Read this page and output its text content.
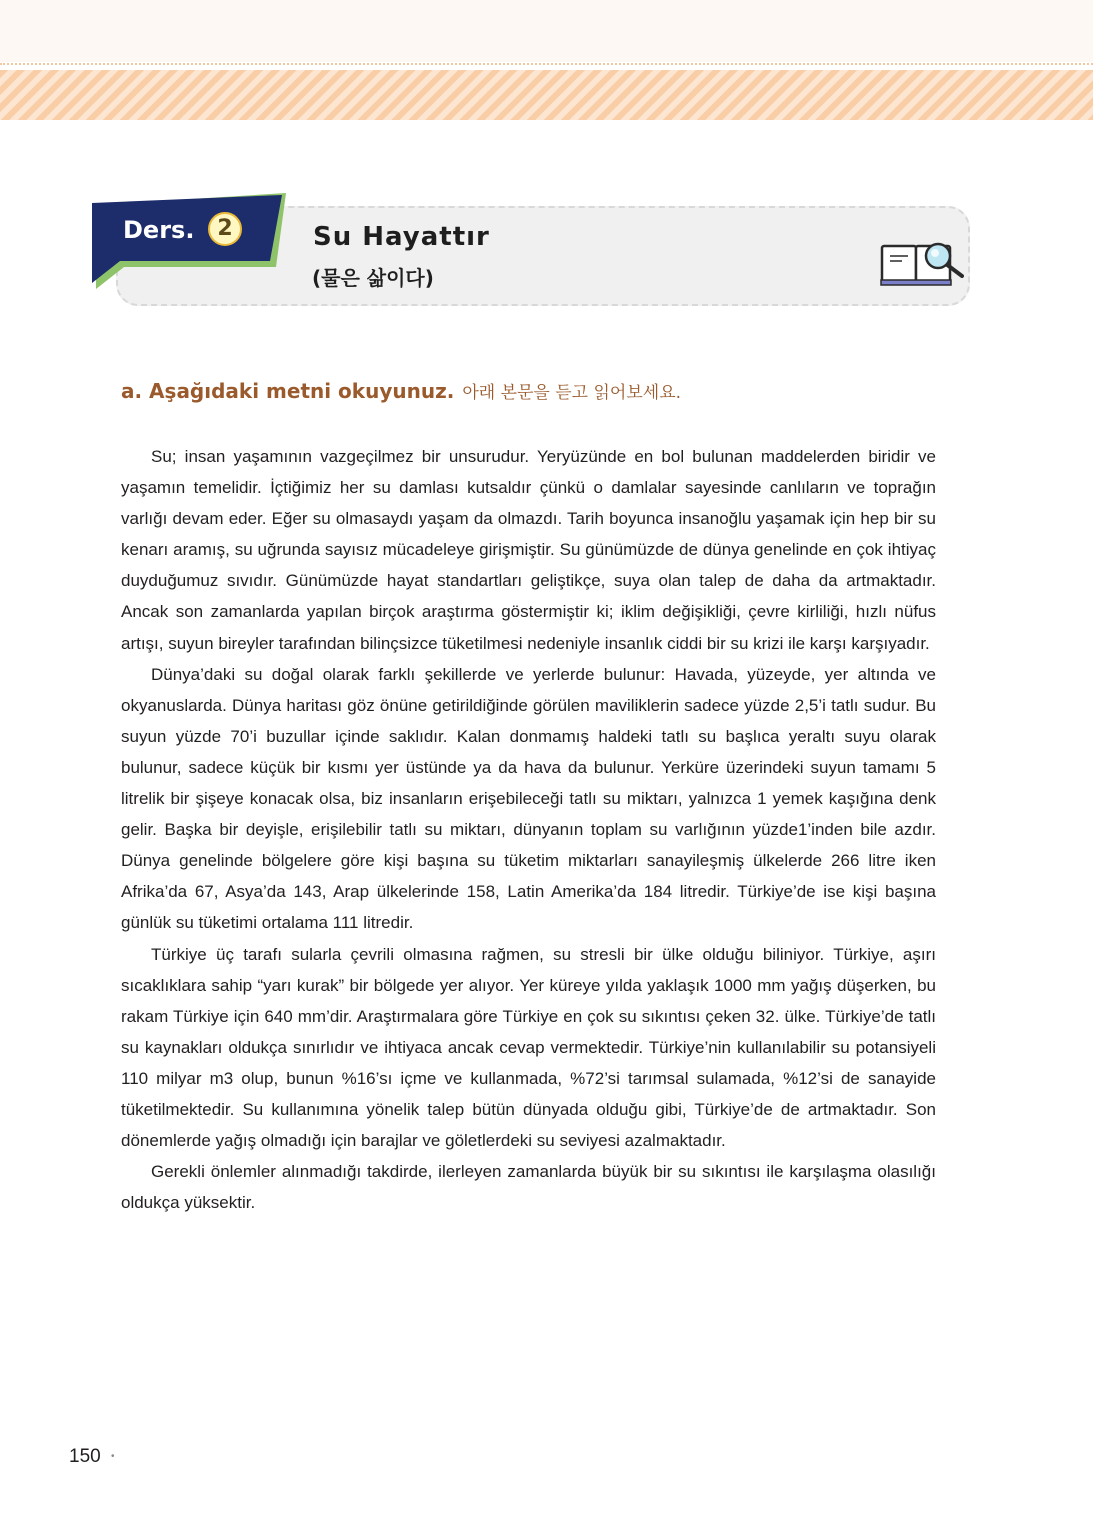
Ders.	2	Su Hayattır
(물은 삶이다)
a. Aşağıdaki metni okuyunuz. 아래 본문을 듣고 읽어보세요.

Su; insan yaşamının vazgeçilmez bir unsurudur. Yeryüzünde en bol bulunan maddelerden biridir ve yaşamın temelidir. İçtiğimiz her su damlası kutsaldır çünkü o damlalar sayesinde canlıların ve toprağın varlığı devam eder. Eğer su olmasaydı yaşam da olmazdı. Tarih boyunca insanoğlu yaşamak için hep bir su kenarı aramış, su uğrunda sayısız mücadeleye girişmiştir. Su günümüzde de dünya genelinde en çok ihtiyaç duyduğumuz sıvıdır. Günümüzde hayat standartları geliştikçe, suya olan talep de daha da artmaktadır. Ancak son zamanlarda yapılan birçok araştırma göstermiştir ki; iklim değişikliği, çevre kirliliği, hızlı nüfus artışı, suyun bireyler tarafından bilinçsizce tüketilmesi nedeniyle insanlık ciddi bir su krizi ile karşı karşıyadır.

Dünya’daki su doğal olarak farklı şekillerde ve yerlerde bulunur: Havada, yüzeyde, yer altında ve okyanuslarda. Dünya haritası göz önüne getirildiğinde görülen maviliklerin sadece yüzde 2,5’i tatlı sudur. Bu suyun yüzde 70’i buzullar içinde saklıdır. Kalan donmamış haldeki tatlı su başlıca yeraltı suyu olarak bulunur, sadece küçük bir kısmı yer üstünde ya da hava da bulunur. Yerküre üzerindeki suyun tamamı 5 litrelik bir şişeye konacak olsa, biz insanların erişebileceği tatlı su miktarı, yalnızca 1 yemek kaşığına denk gelir. Başka bir deyişle, erişilebilir tatlı su miktarı, dünyanın toplam su varlığının yüzde1’inden bile azdır. Dünya genelinde bölgelere göre kişi başına su tüketim miktarları sanayileşmiş ülkelerde 266 litre iken Afrika’da 67, Asya’da 143, Arap ülkelerinde 158, Latin Amerika’da 184 litredir. Türkiye’de ise kişi başına günlük su tüketimi ortalama 111 litredir.

Türkiye üç tarafı sularla çevrili olmasına rağmen, su stresli bir ülke olduğu biliniyor. Türkiye, aşırı sıcaklıklara sahip “yarı kurak” bir bölgede yer alıyor. Yer küreye yılda yaklaşık 1000 mm yağış düşerken, bu rakam Türkiye için 640 mm’dir. Araştırmalara göre Türkiye en çok su sıkıntısı çeken 32. ülke. Türkiye’de tatlı su kaynakları oldukça sınırlıdır ve ihtiyaca ancak cevap vermektedir. Türkiye’nin kullanılabilir su potansiyeli 110 milyar m3 olup, bunun %16’sı içme ve kullanmada, %72’si tarımsal sulamada, %12’si de sanayide tüketilmektedir. Su kullanımına yönelik talep bütün dünyada olduğu gibi, Türkiye’de de artmaktadır. Son dönemlerde yağış olmadığı için barajlar ve göletlerdeki su seviyesi azalmaktadır.

Gerekli önlemler alınmadığı takdirde, ilerleyen zamanlarda büyük bir su sıkıntısı ile karşılaşma olasılığı oldukça yüksektir.

150 •
